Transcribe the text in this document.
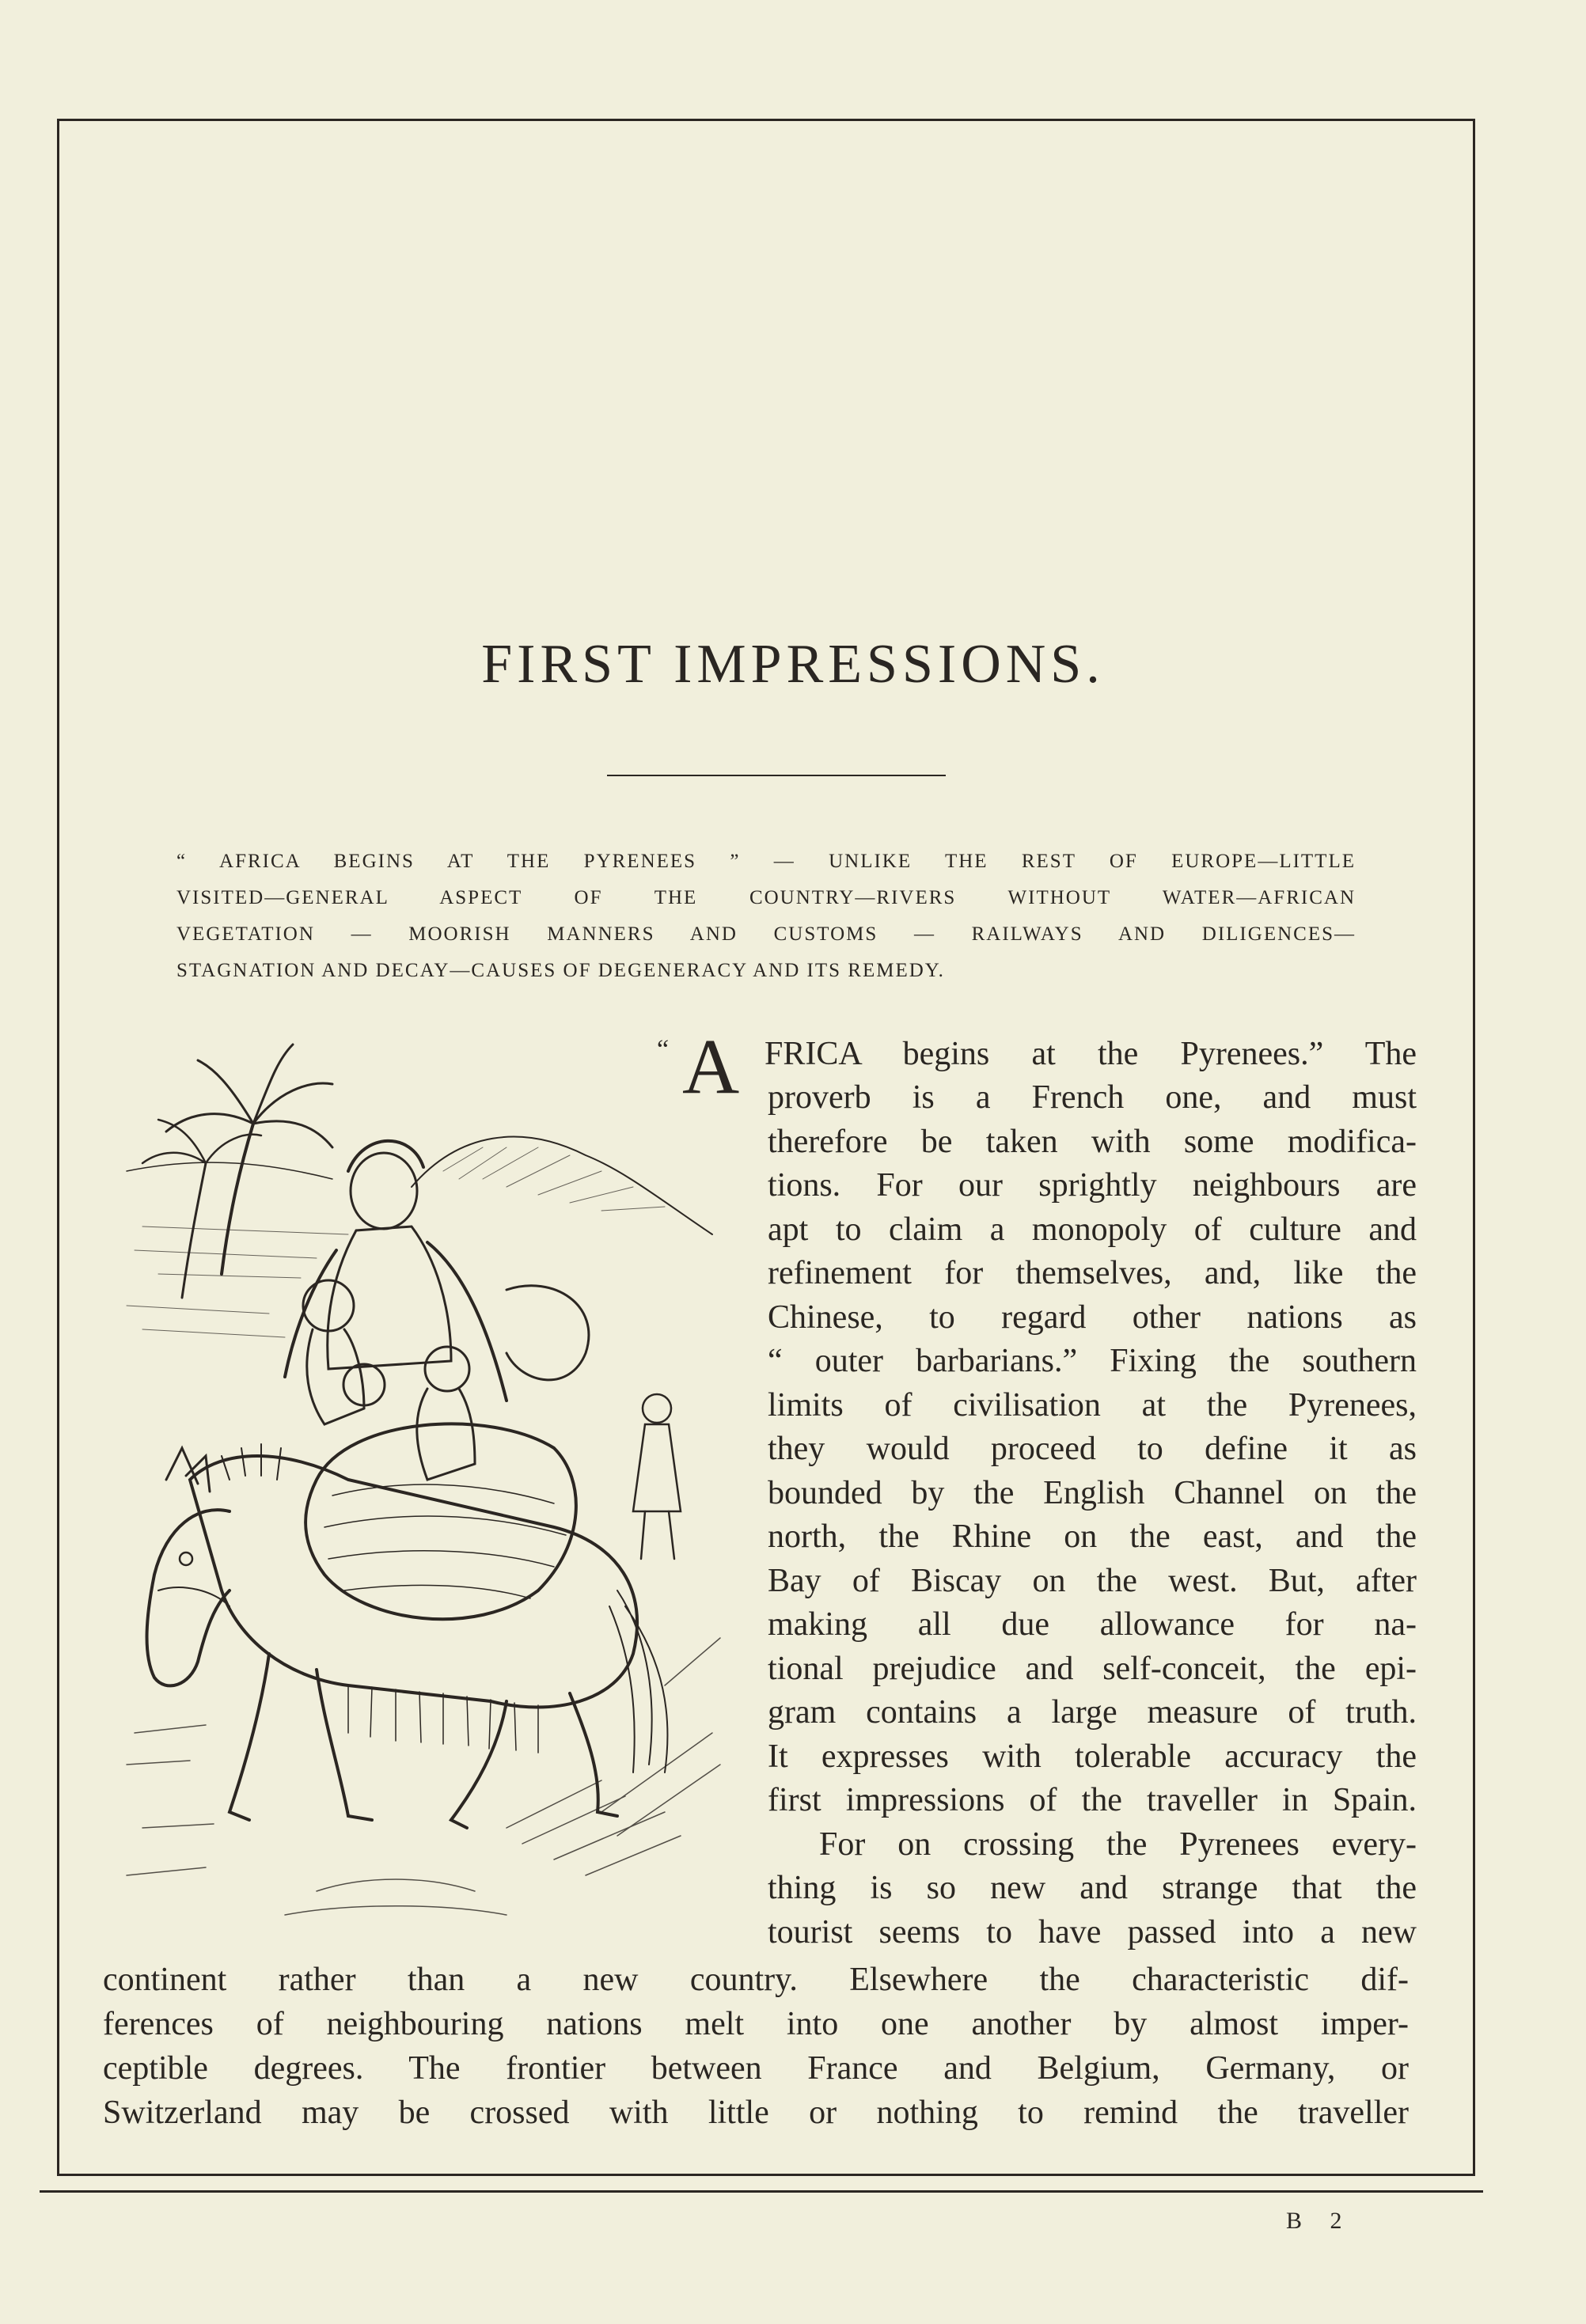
FIRST IMPRESSIONS.
“ AFRICA BEGINS AT THE PYRENEES ” — UNLIKE THE REST OF EUROPE—LITTLE
VISITED—GENERAL ASPECT OF THE COUNTRY—RIVERS WITHOUT WATER—AFRICAN
VEGETATION — MOORISH MANNERS AND CUSTOMS — RAILWAYS AND DILIGENCES—
STAGNATION AND DECAY—CAUSES OF DEGENERACY AND ITS REMEDY.
“ A FRICA begins at the Pyrenees.” The
proverb is a French one, and must
therefore be taken with some modifica-
tions. For our sprightly neighbours are
apt to claim a monopoly of culture and
refinement for themselves, and, like the
Chinese, to regard other nations as
“ outer barbarians.” Fixing the southern
limits of civilisation at the Pyrenees,
they would proceed to define it as
bounded by the English Channel on the
north, the Rhine on the east, and the
Bay of Biscay on the west. But, after
making all due allowance for na-
tional prejudice and self-conceit, the epi-
gram contains a large measure of truth.
It expresses with tolerable accuracy the
first impressions of the traveller in Spain.
For on crossing the Pyrenees every-
thing is so new and strange that the
tourist seems to have passed into a new
continent rather than a new country. Elsewhere the characteristic dif-
ferences of neighbouring nations melt into one another by almost imper-
ceptible degrees. The frontier between France and Belgium, Germany, or
Switzerland may be crossed with little or nothing to remind the traveller
B 2
